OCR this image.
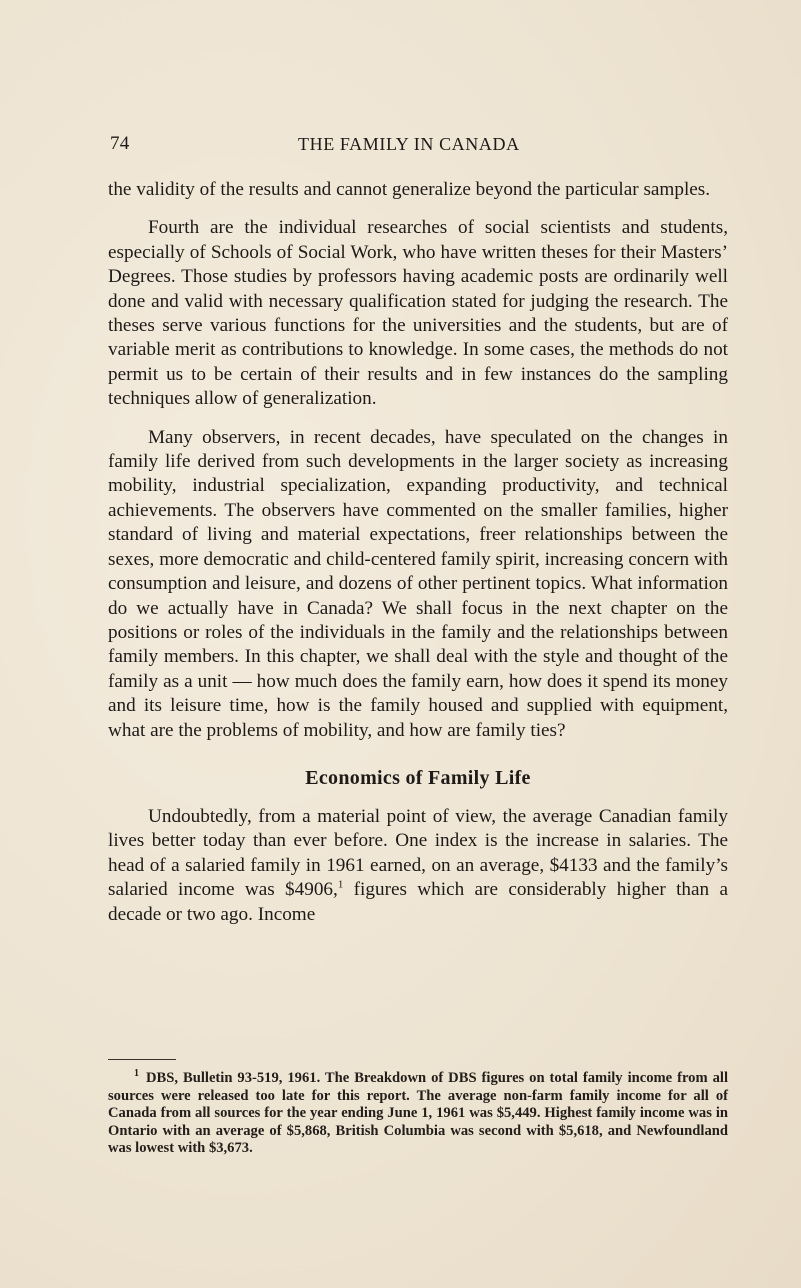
74	THE FAMILY IN CANADA

the validity of the results and cannot generalize beyond the particular samples.

Fourth are the individual researches of social scientists and students, especially of Schools of Social Work, who have written theses for their Masters’ Degrees. Those studies by professors having academic posts are ordinarily well done and valid with necessary qualification stated for judging the research. The theses serve various functions for the universities and the students, but are of variable merit as contributions to knowledge. In some cases, the methods do not permit us to be certain of their results and in few instances do the sampling techniques allow of generalization.

Many observers, in recent decades, have speculated on the changes in family life derived from such developments in the larger society as increasing mobility, industrial specialization, expanding productivity, and technical achievements. The observers have commented on the smaller families, higher standard of living and material expectations, freer relationships between the sexes, more democratic and child-centered family spirit, increasing concern with consumption and leisure, and dozens of other pertinent topics. What information do we actually have in Canada? We shall focus in the next chapter on the positions or roles of the individuals in the family and the relationships between family members. In this chapter, we shall deal with the style and thought of the family as a unit — how much does the family earn, how does it spend its money and its leisure time, how is the family housed and supplied with equipment, what are the problems of mobility, and how are family ties?

Economics of Family Life

Undoubtedly, from a material point of view, the average Canadian family lives better today than ever before. One index is the increase in salaries. The head of a salaried family in 1961 earned, on an average, $4133 and the family’s salaried income was $4906,$^1$ figures which are considerably higher than a decade or two ago. Income

$^1$ DBS, Bulletin 93-519, 1961. The Breakdown of DBS figures on total family income from all sources were released too late for this report. The average non-farm family income for all of Canada from all sources for the year ending June 1, 1961 was $5,449. Highest family income was in Ontario with an average of $5,868, British Columbia was second with $5,618, and Newfoundland was lowest with $3,673.
